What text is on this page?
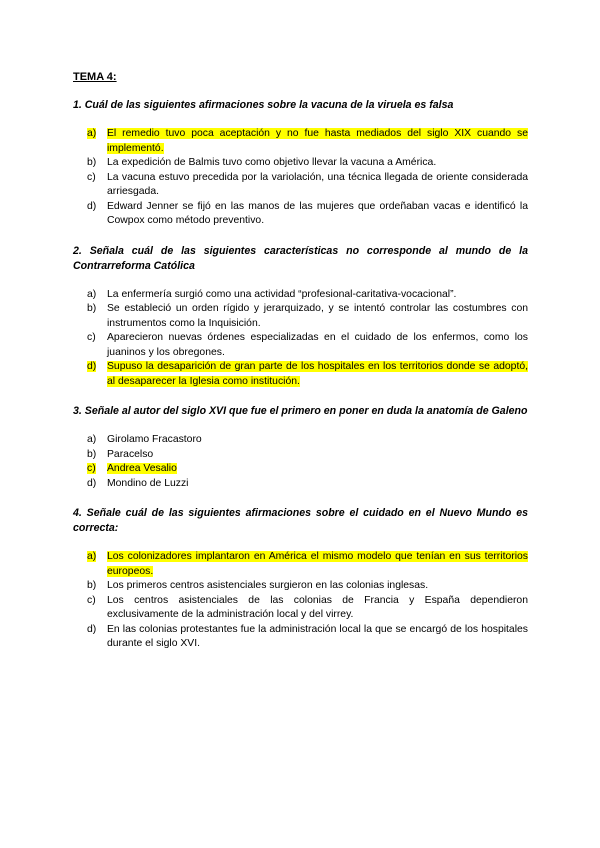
TEMA 4:
1. Cuál de las siguientes afirmaciones sobre la vacuna de la viruela es falsa
a)	El remedio tuvo poca aceptación y no fue hasta mediados del siglo XIX cuando se implementó.
b)	La expedición de Balmis tuvo como objetivo llevar la vacuna a América.
c)	La vacuna estuvo precedida por la variolación, una técnica llegada de oriente considerada arriesgada.
d)	Edward Jenner se fijó en las manos de las mujeres que ordeñaban vacas e identificó la Cowpox como método preventivo.
2. Señala cuál de las siguientes características no corresponde al mundo de la Contrarreforma Católica
a)	La enfermería surgió como una actividad “profesional-caritativa-vocacional”.
b)	Se estableció un orden rígido y jerarquizado, y se intentó controlar las costumbres con instrumentos como la Inquisición.
c)	Aparecieron nuevas órdenes especializadas en el cuidado de los enfermos, como los juaninos y los obregones.
d)	Supuso la desaparición de gran parte de los hospitales en los territorios donde se adoptó, al desaparecer la Iglesia como institución.
3. Señale al autor del siglo XVI que fue el primero en poner en duda la anatomía de Galeno
a)	Girolamo Fracastoro
b)	Paracelso
c)	Andrea Vesalio
d)	Mondino de Luzzi
4. Señale cuál de las siguientes afirmaciones sobre el cuidado en el Nuevo Mundo es correcta:
a)	Los colonizadores implantaron en América el mismo modelo que tenían en sus territorios europeos.
b)	Los primeros centros asistenciales surgieron en las colonias inglesas.
c)	Los centros asistenciales de las colonias de Francia y España dependieron exclusivamente de la administración local y del virrey.
d)	En las colonias protestantes fue la administración local la que se encargó de los hospitales durante el siglo XVI.
